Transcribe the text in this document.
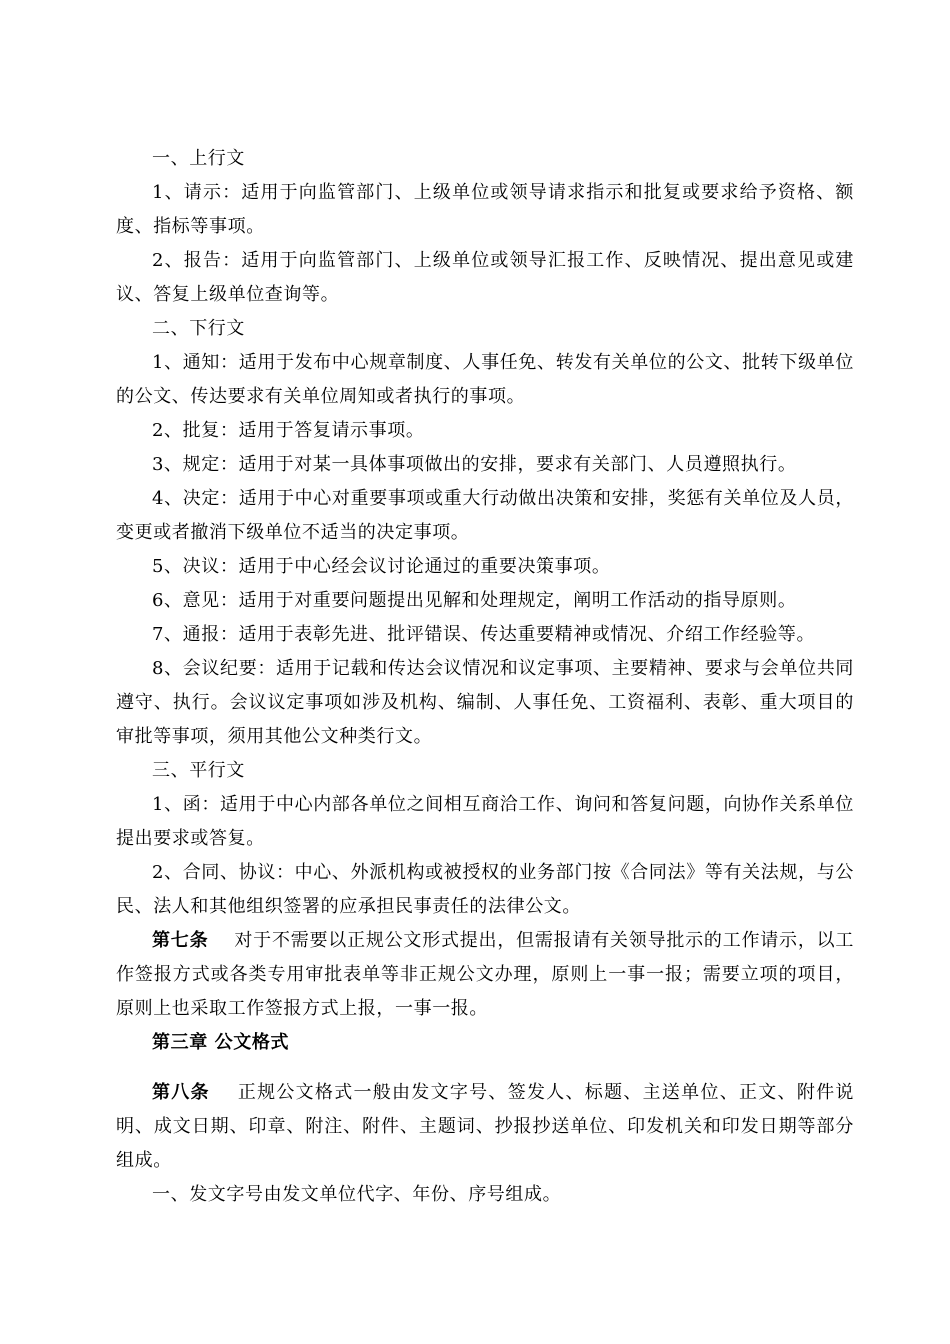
一、上行文

1、请示：适用于向监管部门、上级单位或领导请求指示和批复或要求给予资格、额度、指标等事项。

2、报告：适用于向监管部门、上级单位或领导汇报工作、反映情况、提出意见或建议、答复上级单位查询等。

二、下行文

1、通知：适用于发布中心规章制度、人事任免、转发有关单位的公文、批转下级单位的公文、传达要求有关单位周知或者执行的事项。

2、批复：适用于答复请示事项。

3、规定：适用于对某一具体事项做出的安排，要求有关部门、人员遵照执行。

4、决定：适用于中心对重要事项或重大行动做出决策和安排，奖惩有关单位及人员，变更或者撤消下级单位不适当的决定事项。

5、决议：适用于中心经会议讨论通过的重要决策事项。

6、意见：适用于对重要问题提出见解和处理规定，阐明工作活动的指导原则。

7、通报：适用于表彰先进、批评错误、传达重要精神或情况、介绍工作经验等。

8、会议纪要：适用于记载和传达会议情况和议定事项、主要精神、要求与会单位共同遵守、执行。会议议定事项如涉及机构、编制、人事任免、工资福利、表彰、重大项目的审批等事项，须用其他公文种类行文。

三、平行文

1、函：适用于中心内部各单位之间相互商洽工作、询问和答复问题，向协作关系单位提出要求或答复。

2、合同、协议：中心、外派机构或被授权的业务部门按《合同法》等有关法规，与公民、法人和其他组织签署的应承担民事责任的法律公文。

第七条 对于不需要以正规公文形式提出，但需报请有关领导批示的工作请示，以工作签报方式或各类专用审批表单等非正规公文办理，原则上一事一报；需要立项的项目，原则上也采取工作签报方式上报，一事一报。

第三章 公文格式

第八条 正规公文格式一般由发文字号、签发人、标题、主送单位、正文、附件说明、成文日期、印章、附注、附件、主题词、抄报抄送单位、印发机关和印发日期等部分组成。

一、发文字号由发文单位代字、年份、序号组成。
